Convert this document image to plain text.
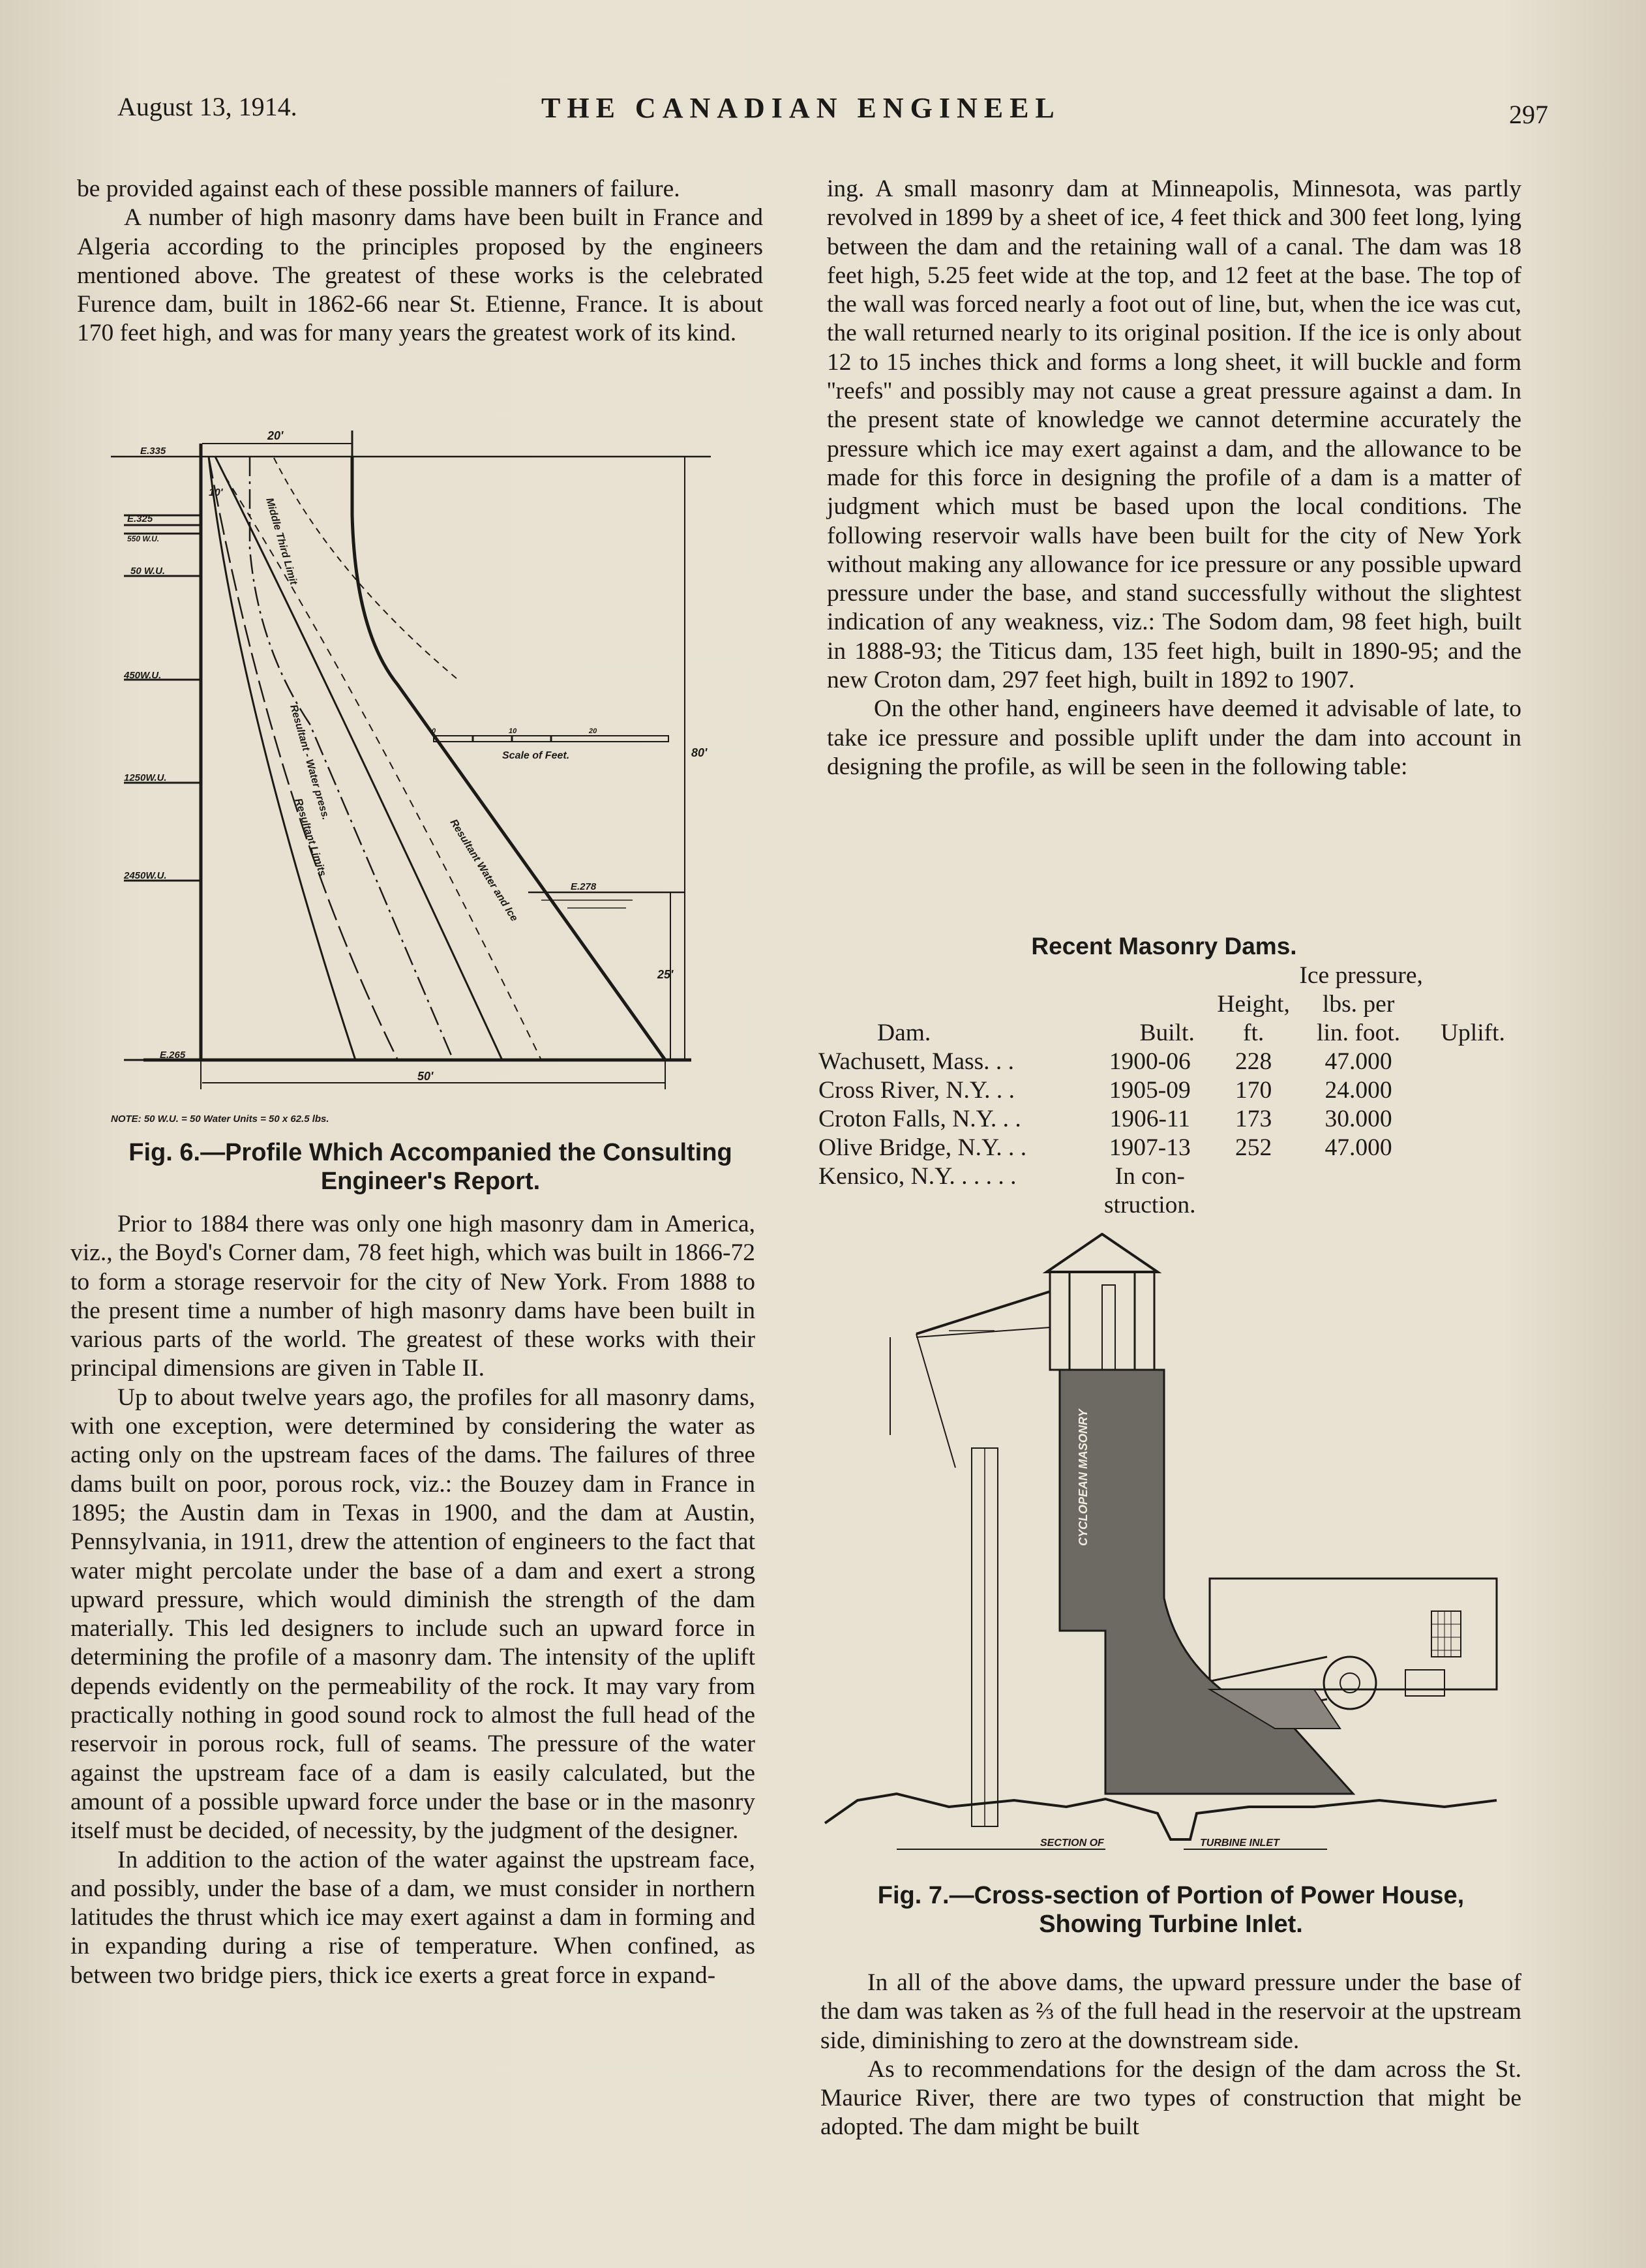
August 13, 1914.	THE CANADIAN ENGINEEL	297

be provided against each of these possible manners of failure.

A number of high masonry dams have been built in France and Algeria according to the principles proposed by the engineers mentioned above. The greatest of these works is the celebrated Furence dam, built in 1862-66 near St. Etienne, France. It is about 170 feet high, and was for many years the greatest work of its kind.

E.335
E.325
550 W.U.
50 W.U.
450W.U.
1250W.U.
2450W.U.
E.265
E.278
20'
10'
80'
25'
50'
Scale of Feet.
0	10	20
Middle Third Limit
Resultant - Water press.
Resultant Limits	Resultant Water and Ice
NOTE: 50 W.U. = 50 Water Units = 50 x 62.5 lbs.
Fig. 6.—Profile Which Accompanied the Consulting
Engineer's Report.

Prior to 1884 there was only one high masonry dam in America, viz., the Boyd's Corner dam, 78 feet high, which was built in 1866-72 to form a storage reservoir for the city of New York. From 1888 to the present time a number of high masonry dams have been built in various parts of the world. The greatest of these works with their principal dimensions are given in Table II.

Up to about twelve years ago, the profiles for all masonry dams, with one exception, were determined by considering the water as acting only on the upstream faces of the dams. The failures of three dams built on poor, porous rock, viz.: the Bouzey dam in France in 1895; the Austin dam in Texas in 1900, and the dam at Austin, Pennsylvania, in 1911, drew the attention of engineers to the fact that water might percolate under the base of a dam and exert a strong upward pressure, which would diminish the strength of the dam materially. This led designers to include such an upward force in determining the profile of a masonry dam. The intensity of the uplift depends evidently on the permeability of the rock. It may vary from practically nothing in good sound rock to almost the full head of the reservoir in porous rock, full of seams. The pressure of the water against the upstream face of a dam is easily calculated, but the amount of a possible upward force under the base or in the masonry itself must be decided, of necessity, by the judgment of the designer.

In addition to the action of the water against the upstream face, and possibly, under the base of a dam, we must consider in northern latitudes the thrust which ice may exert against a dam in forming and in expanding during a rise of temperature. When confined, as between two bridge piers, thick ice exerts a great force in expand-

ing. A small masonry dam at Minneapolis, Minnesota, was partly revolved in 1899 by a sheet of ice, 4 feet thick and 300 feet long, lying between the dam and the retaining wall of a canal. The dam was 18 feet high, 5.25 feet wide at the top, and 12 feet at the base. The top of the wall was forced nearly a foot out of line, but, when the ice was cut, the wall returned nearly to its original position. If the ice is only about 12 to 15 inches thick and forms a long sheet, it will buckle and form ''reefs'' and possibly may not cause a great pressure against a dam. In the present state of knowledge we cannot determine accurately the pressure which ice may exert against a dam, and the allowance to be made for this force in designing the profile of a dam is a matter of judgment which must be based upon the local conditions. The following reservoir walls have been built for the city of New York without making any allowance for ice pressure or any possible upward pressure under the base, and stand successfully without the slightest indication of any weakness, viz.: The Sodom dam, 98 feet high, built in 1888-93; the Titicus dam, 135 feet high, built in 1890-95; and the new Croton dam, 297 feet high, built in 1892 to 1907.

On the other hand, engineers have deemed it advisable of late, to take ice pressure and possible uplift under the dam into account in designing the profile, as will be seen in the following table:

Recent Masonry Dams.
			Ice pressure,	
		Height,	lbs. per	
Dam.	Built.	ft.	lin. foot.	Uplift.
Wachusett, Mass. . .	1900-06	228	47.000	
Cross River, N.Y. . .	1905-09	170	24.000	
Croton Falls, N.Y. . .	1906-11	173	30.000	
Olive Bridge, N.Y. . .	1907-13	252	47.000	
Kensico, N.Y. . . . . .	In con-			
	struction.			
CYCLOPEAN MASONRY
SECTION OF	TURBINE INLET
Fig. 7.—Cross-section of Portion of Power House,
Showing Turbine Inlet.

In all of the above dams, the upward pressure under the base of the dam was taken as ⅔ of the full head in the reservoir at the upstream side, diminishing to zero at the downstream side.

As to recommendations for the design of the dam across the St. Maurice River, there are two types of construction that might be adopted. The dam might be built
